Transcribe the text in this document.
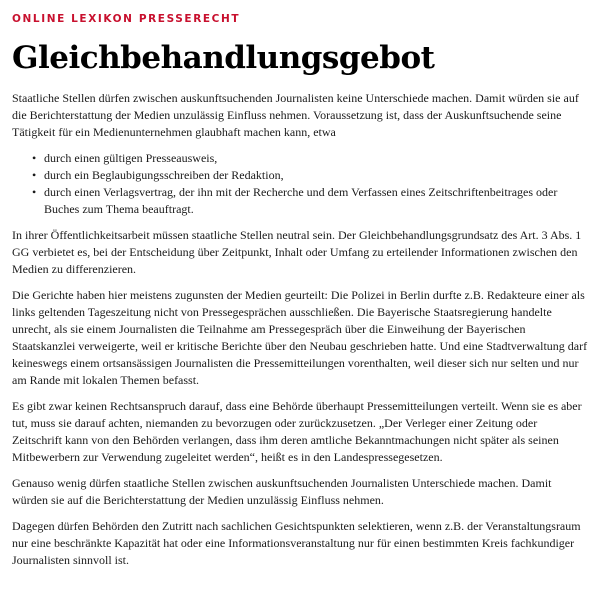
ONLINE LEXIKON PRESSERECHT
Gleichbehandlungsgebot

Staatliche Stellen dürfen zwischen auskunftsuchenden Journalisten keine Unterschiede machen. Damit würden sie auf die Berichterstattung der Medien unzulässig Einfluss nehmen. Voraussetzung ist, dass der Auskunftsuchende seine Tätigkeit für ein Medienunternehmen glaubhaft machen kann, etwa

• durch einen gültigen Presseausweis,
• durch ein Beglaubigungsschreiben der Redaktion,
• durch einen Verlagsvertrag, der ihn mit der Recherche und dem Verfassen eines Zeitschriftenbeitrages oder Buches zum Thema beauftragt.

In ihrer Öffentlichkeitsarbeit müssen staatliche Stellen neutral sein. Der Gleichbehandlungsgrundsatz des Art. 3 Abs. 1 GG verbietet es, bei der Entscheidung über Zeitpunkt, Inhalt oder Umfang zu erteilender Informationen zwischen den Medien zu differenzieren.

Die Gerichte haben hier meistens zugunsten der Medien geurteilt: Die Polizei in Berlin durfte z.B. Redakteure einer als links geltenden Tageszeitung nicht von Pressegesprächen ausschließen. Die Bayerische Staatsregierung handelte unrecht, als sie einem Journalisten die Teilnahme am Pressegespräch über die Einweihung der Bayerischen Staatskanzlei verweigerte, weil er kritische Berichte über den Neubau geschrieben hatte. Und eine Stadtverwaltung darf keineswegs einem ortsansässigen Journalisten die Pressemitteilungen vorenthalten, weil dieser sich nur selten und nur am Rande mit lokalen Themen befasst.

Es gibt zwar keinen Rechtsanspruch darauf, dass eine Behörde überhaupt Pressemitteilungen verteilt. Wenn sie es aber tut, muss sie darauf achten, niemanden zu bevorzugen oder zurückzusetzen. „Der Verleger einer Zeitung oder Zeitschrift kann von den Behörden verlangen, dass ihm deren amtliche Bekanntmachungen nicht später als seinen Mitbewerbern zur Verwendung zugeleitet werden“, heißt es in den Landespressegesetzen.

Genauso wenig dürfen staatliche Stellen zwischen auskunftsuchenden Journalisten Unterschiede machen. Damit würden sie auf die Berichterstattung der Medien unzulässig Einfluss nehmen.

Dagegen dürfen Behörden den Zutritt nach sachlichen Gesichtspunkten selektieren, wenn z.B. der Veranstaltungsraum nur eine beschränkte Kapazität hat oder eine Informationsveranstaltung nur für einen bestimmten Kreis fachkundiger Journalisten sinnvoll ist.
